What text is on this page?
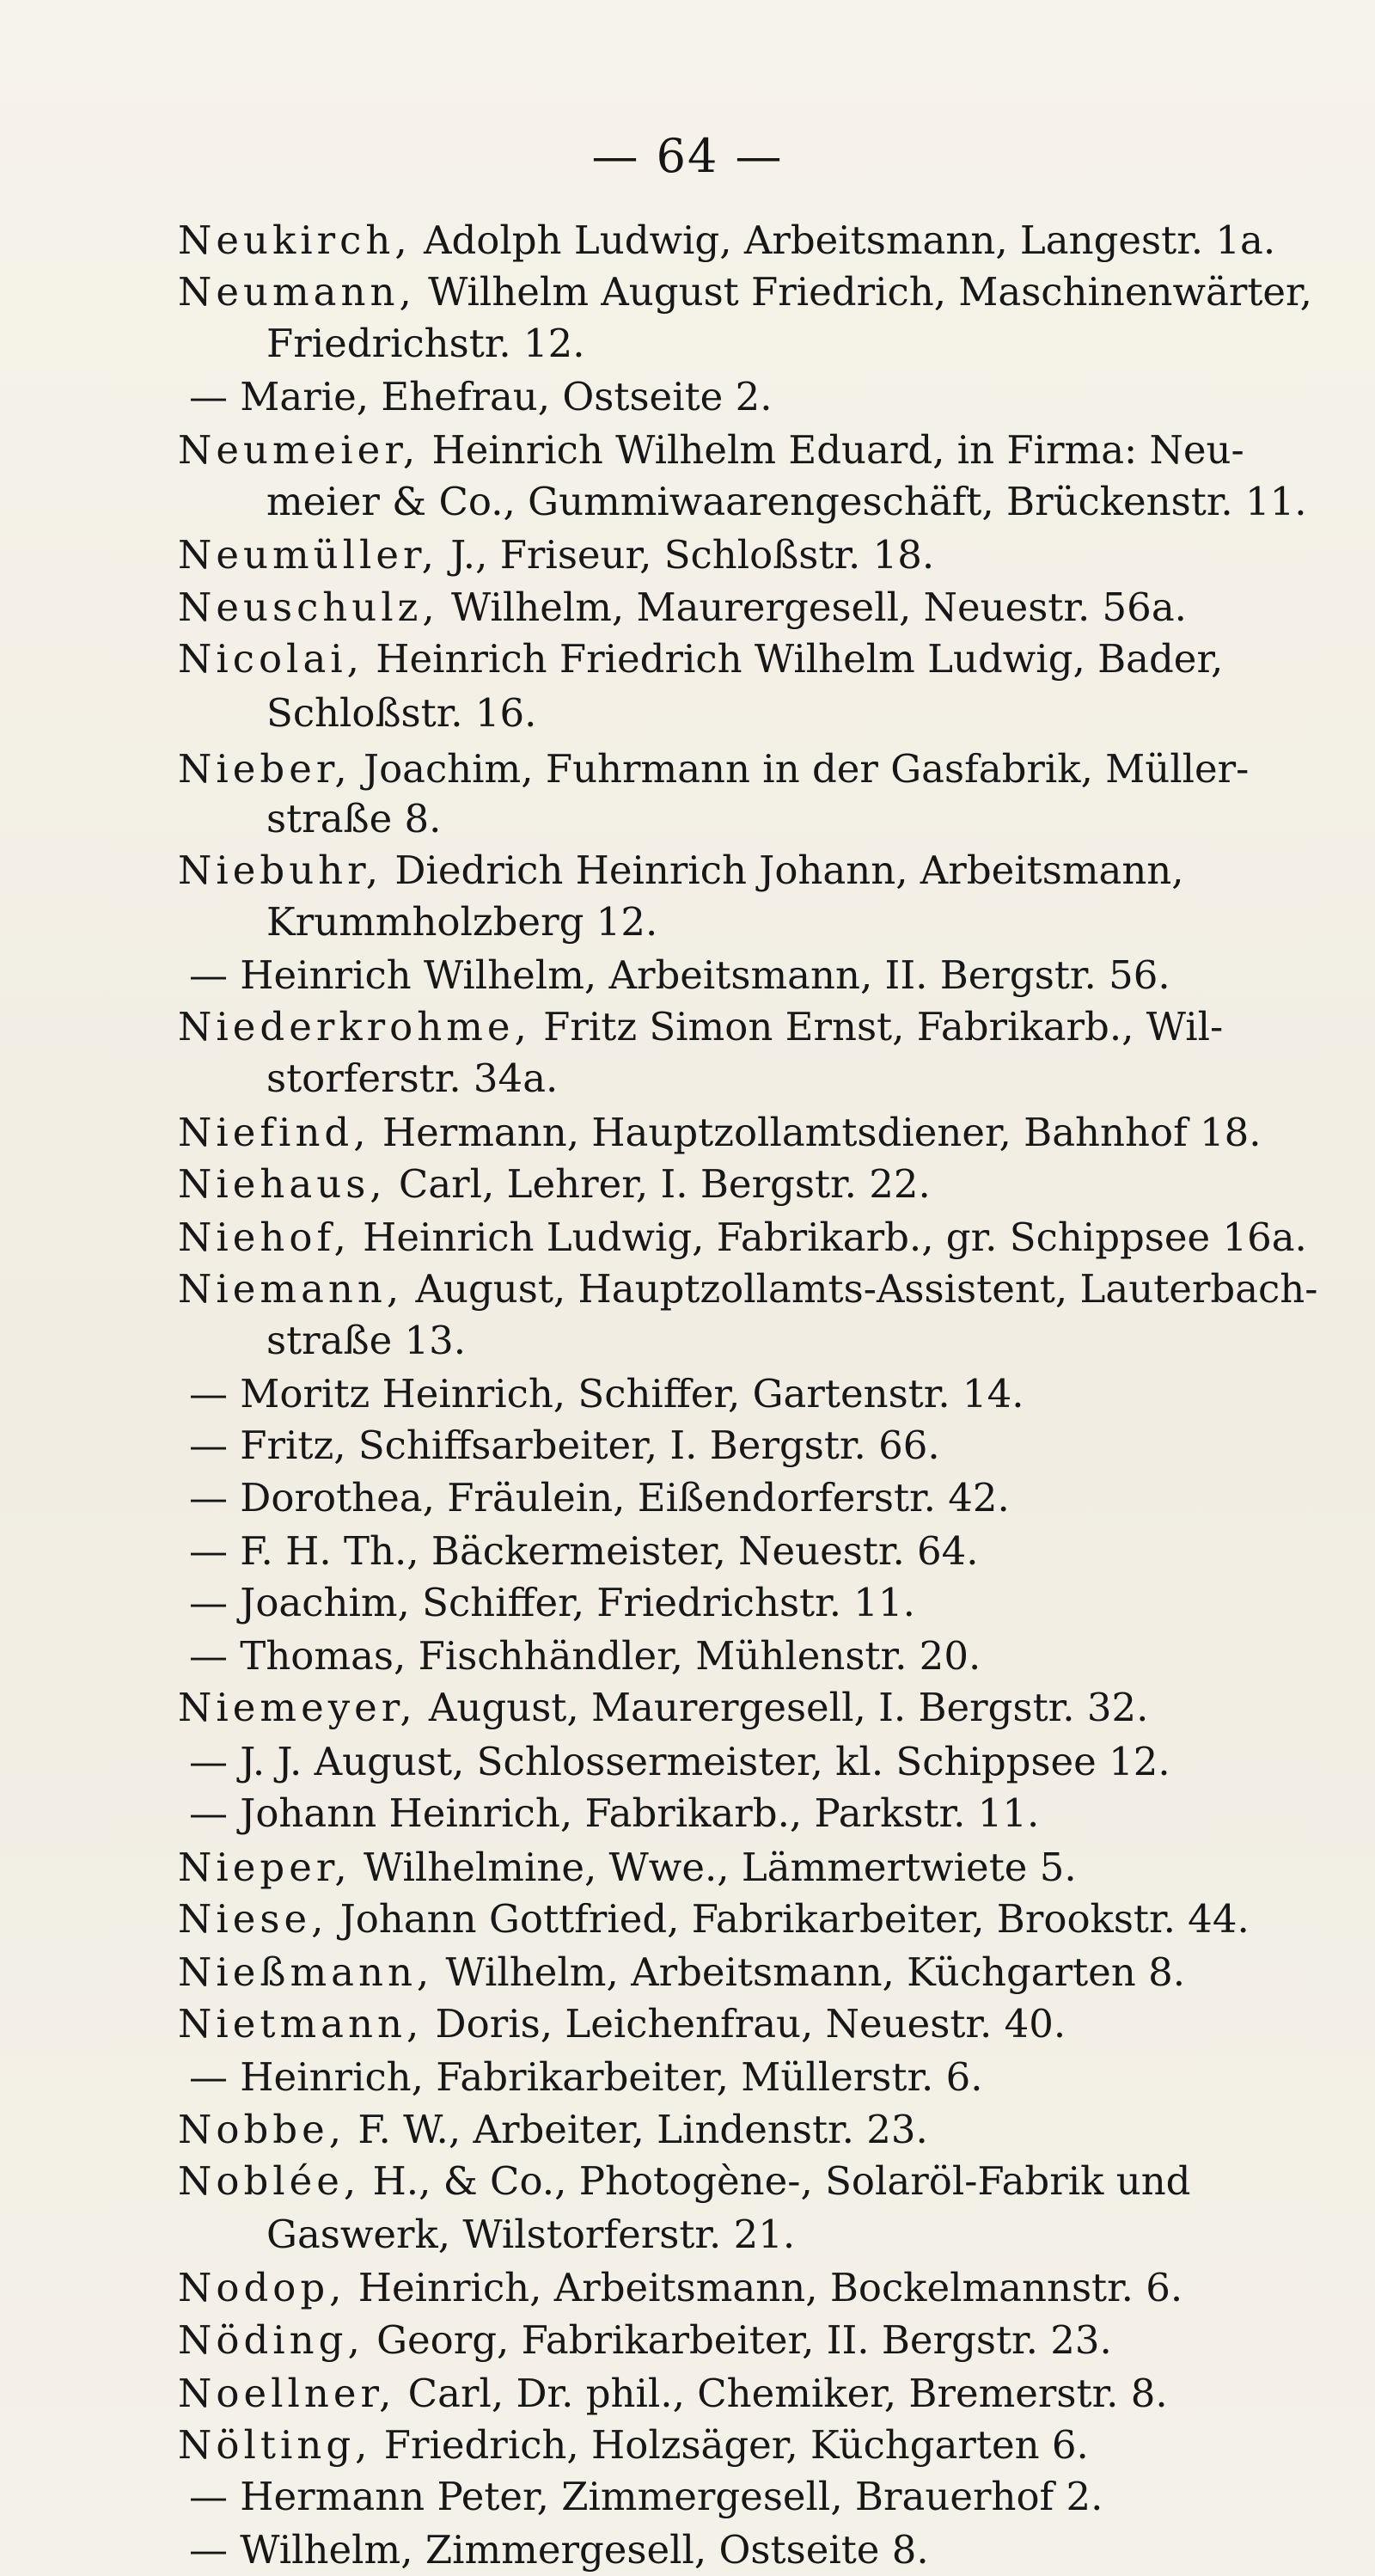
— 64 —
Neukirch, Adolph Ludwig, Arbeitsmann, Langestr. 1a.
Neumann, Wilhelm August Friedrich, Maschinenwärter,
Friedrichstr. 12.
— Marie, Ehefrau, Ostseite 2.
Neumeier, Heinrich Wilhelm Eduard, in Firma: Neu-
meier & Co., Gummiwaarengeschäft, Brückenstr. 11.
Neumüller, J., Friseur, Schloßstr. 18.
Neuschulz, Wilhelm, Maurergesell, Neuestr. 56a.
Nicolai, Heinrich Friedrich Wilhelm Ludwig, Bader,
Schloßstr. 16.
Nieber, Joachim, Fuhrmann in der Gasfabrik, Müller-
straße 8.
Niebuhr, Diedrich Heinrich Johann, Arbeitsmann,
Krummholzberg 12.
— Heinrich Wilhelm, Arbeitsmann, II. Bergstr. 56.
Niederkrohme, Fritz Simon Ernst, Fabrikarb., Wil-
storferstr. 34a.
Niefind, Hermann, Hauptzollamtsdiener, Bahnhof 18.
Niehaus, Carl, Lehrer, I. Bergstr. 22.
Niehof, Heinrich Ludwig, Fabrikarb., gr. Schippsee 16a.
Niemann, August, Hauptzollamts-Assistent, Lauterbach-
straße 13.
— Moritz Heinrich, Schiffer, Gartenstr. 14.
— Fritz, Schiffsarbeiter, I. Bergstr. 66.
— Dorothea, Fräulein, Eißendorferstr. 42.
— F. H. Th., Bäckermeister, Neuestr. 64.
— Joachim, Schiffer, Friedrichstr. 11.
— Thomas, Fischhändler, Mühlenstr. 20.
Niemeyer, August, Maurergesell, I. Bergstr. 32.
— J. J. August, Schlossermeister, kl. Schippsee 12.
— Johann Heinrich, Fabrikarb., Parkstr. 11.
Nieper, Wilhelmine, Wwe., Lämmertwiete 5.
Niese, Johann Gottfried, Fabrikarbeiter, Brookstr. 44.
Nießmann, Wilhelm, Arbeitsmann, Küchgarten 8.
Nietmann, Doris, Leichenfrau, Neuestr. 40.
— Heinrich, Fabrikarbeiter, Müllerstr. 6.
Nobbe, F. W., Arbeiter, Lindenstr. 23.
Noblée, H., & Co., Photogène-, Solaröl-Fabrik und
Gaswerk, Wilstorferstr. 21.
Nodop, Heinrich, Arbeitsmann, Bockelmannstr. 6.
Nöding, Georg, Fabrikarbeiter, II. Bergstr. 23.
Noellner, Carl, Dr. phil., Chemiker, Bremerstr. 8.
Nölting, Friedrich, Holzsäger, Küchgarten 6.
— Hermann Peter, Zimmergesell, Brauerhof 2.
— Wilhelm, Zimmergesell, Ostseite 8.
